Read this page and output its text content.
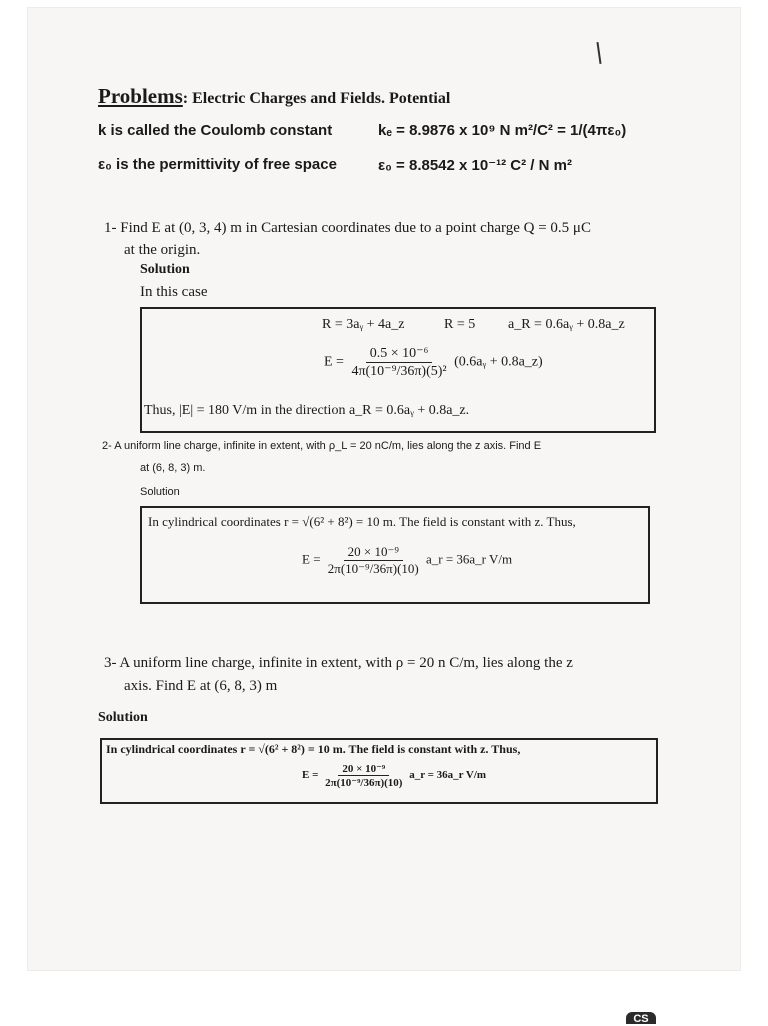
Problems: Electric Charges and Fields. Potential
k is called the Coulomb constant	kₑ = 8.9876 x 10⁹ N m²/C² = 1/(4πε₀)
ε₀ is the permittivity of free space	ε₀ = 8.8542 x 10⁻¹² C² / N m²
1- Find E at (0, 3, 4) m in Cartesian coordinates due to a point charge Q = 0.5 μC
at the origin.
Solution
In this case
R = 3aᵧ + 4a_z	R = 5 a_R = 0.6aᵧ + 0.8a_z
$E = \frac{\text{0.5 × 10⁻⁶}}{\text{4π(10⁻⁹/36π)(5)²}}$ (0.6aᵧ + 0.8a_z)
Thus, |E| = 180 V/m in the direction a_R = 0.6aᵧ + 0.8a_z.
2- A uniform line charge, infinite in extent, with ρ_L = 20 nC/m, lies along the z axis. Find E
at (6, 8, 3) m.
Solution
In cylindrical coordinates r = √(6² + 8²) = 10 m. The field is constant with z. Thus,
$E = \frac{\text{20 × 10⁻⁹}}{\text{2π(10⁻⁹/36π)(10)}}$ a_r = 36a_r V/m
3- A uniform line charge, infinite in extent, with ρ = 20 n C/m, lies along the z
axis. Find E at (6, 8, 3) m
Solution
In cylindrical coordinates r = √(6² + 8²) = 10 m. The field is constant with z. Thus,
$E = \frac{\text{20 × 10⁻⁹}}{\text{2π(10⁻⁹/36π)(10)}}$ a_r = 36a_r V/m
CS
